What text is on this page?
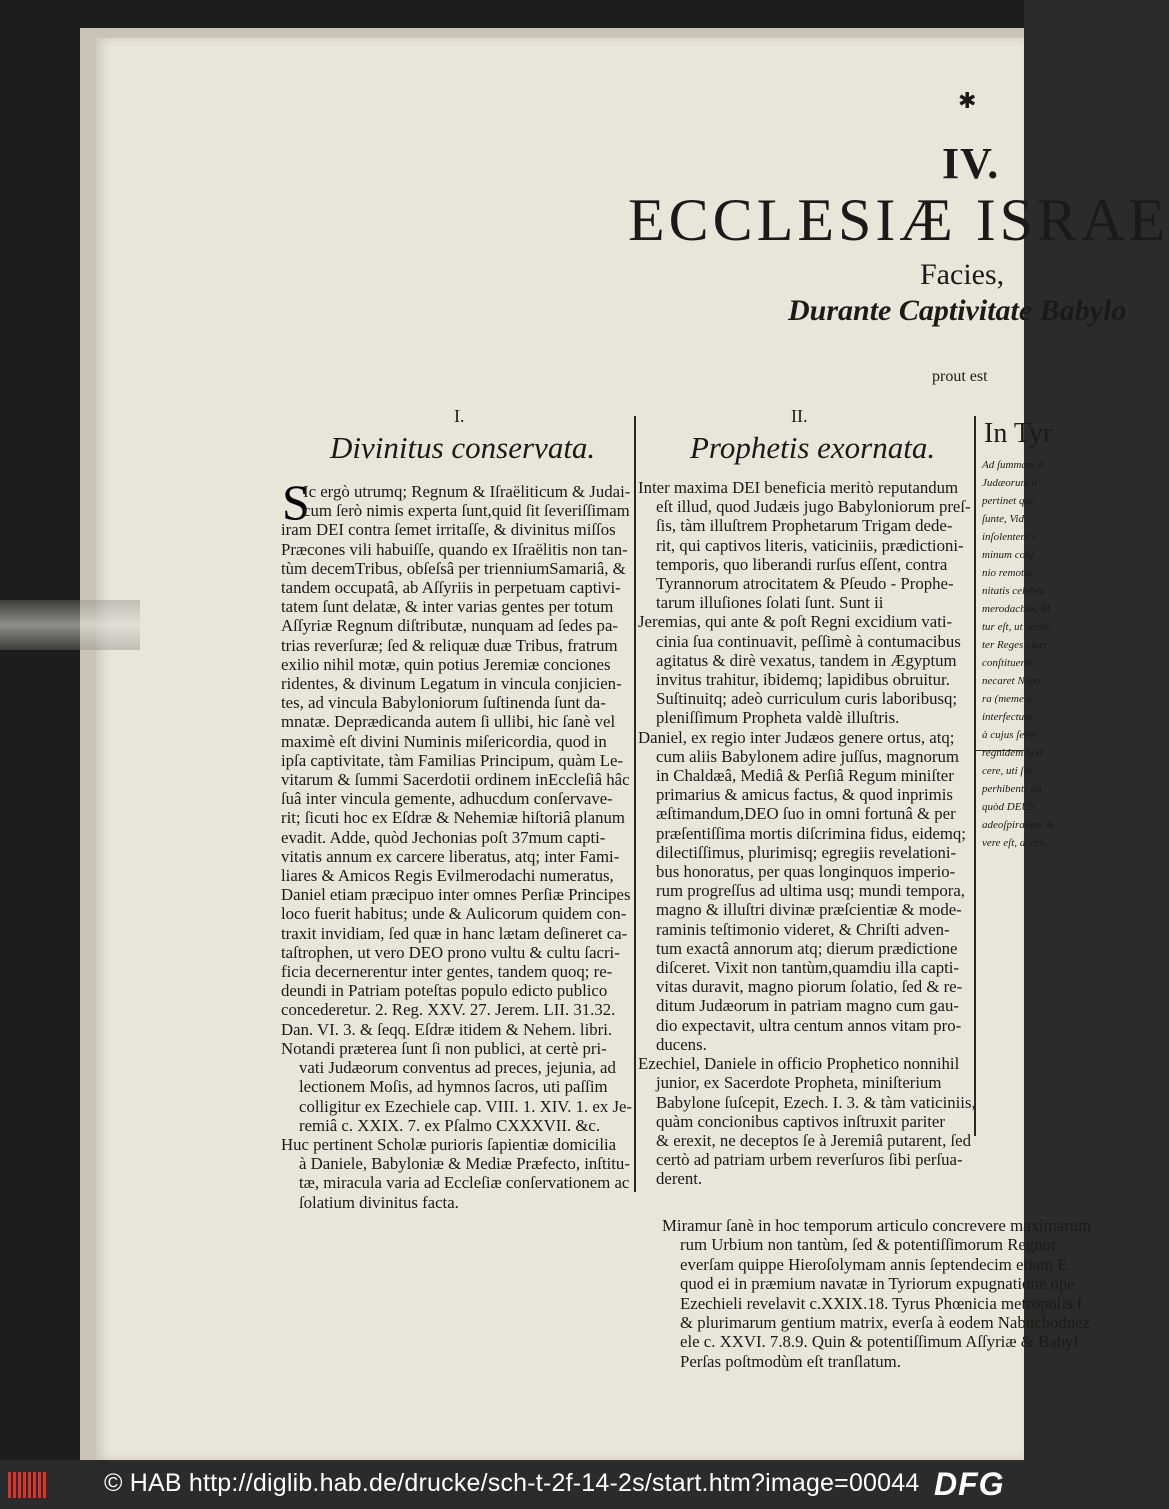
✱
IV.
ECCLESIÆ ISRAE
Facies,
Durante Captivitate Babylo
prout est
I.
Divinitus conservata.
II.
Prophetis exornata. In Tyr
S
Ic ergò utrumq; Regnum & Iſraëliticum & Judai-
cum ſerò nimis experta ſunt,quid ſit ſeveriſſimam
iram DEI contra ſemet irritaſſe, & divinitus miſſos
Præcones vili habuiſſe, quando ex Iſraëlitis non tan-
tùm decemTribus, obſeſsâ per trienniumSamariâ, &
tandem occupatâ, ab Aſſyriis in perpetuam captivi-
tatem ſunt delatæ, & inter varias gentes per totum
Aſſyriæ Regnum diſtributæ, nunquam ad ſedes pa-
trias reverſuræ; ſed & reliquæ duæ Tribus, fratrum
exilio nihil motæ, quin potius Jeremiæ conciones
ridentes, & divinum Legatum in vincula conjicien-
tes, ad vincula Babyloniorum ſuſtinenda ſunt da-
mnatæ. Deprædicanda autem ſi ullibi, hic ſanè vel
maximè eſt divini Numinis miſericordia, quod in
ipſa captivitate, tàm Familias Principum, quàm Le-
vitarum & ſummi Sacerdotii ordinem inEccleſiâ hâc
ſuâ inter vincula gemente, adhucdum conſervave-
rit; ſicuti hoc ex Eſdræ & Nehemiæ hiſtoriâ planum
evadit. Adde, quòd Jechonias poſt 37mum capti-
vitatis annum ex carcere liberatus, atq; inter Fami-
liares & Amicos Regis Evilmerodachi numeratus,
Daniel etiam præcipuo inter omnes Perſiæ Principes
loco fuerit habitus; unde & Aulicorum quidem con-
traxit invidiam, ſed quæ in hanc lætam deſineret ca-
taſtrophen, ut vero DEO prono vultu & cultu ſacri-
ficia decernerentur inter gentes, tandem quoq; re-
deundi in Patriam poteſtas populo edicto publico
concederetur. 2. Reg. XXV. 27. Jerem. LII. 31.32.
Dan. VI. 3. & ſeqq. Eſdræ itidem & Nehem. libri.
Notandi præterea ſunt ſi non publici, at certè pri-
vati Judæorum conventus ad preces, jejunia, ad
lectionem Moſis, ad hymnos ſacros, uti paſſim
colligitur ex Ezechiele cap. VIII. 1. XIV. 1. ex Je-
remiâ c. XXIX. 7. ex Pſalmo CXXXVII. &c.
Huc pertinent Scholæ purioris ſapientiæ domicilia
à Daniele, Babyloniæ & Mediæ Præfecto, inſtitu-
tæ, miracula varia ad Eccleſiæ conſervationem ac
ſolatium divinitus facta.
Inter maxima DEI beneficia meritò reputandum
eſt illud, quod Judæis jugo Babyloniorum preſ-
ſis, tàm illuſtrem Prophetarum Trigam dede-
rit, qui captivos literis, vaticiniis, prædictioni-
temporis, quo liberandi rurſus eſſent, contra
Tyrannorum atrocitatem & Pſeudo - Prophe-
tarum illuſiones ſolati ſunt. Sunt ii
Jeremias, qui ante & poſt Regni excidium vati-
cinia ſua continuavit, peſſimè à contumacibus
agitatus & dirè vexatus, tandem in Ægyptum
invitus trahitur, ibidemq; lapidibus obruitur.
Suſtinuitq; adeò curriculum curis laboribusq;
pleniſſimum Propheta valdè illuſtris.
Daniel, ex regio inter Judæos genere ortus, atq;
cum aliis Babylonem adire juſſus, magnorum
in Chaldæâ, Mediâ & Perſiâ Regum miniſter
primarius & amicus factus, & quod inprimis
æſtimandum,DEO ſuo in omni fortunâ & per
præſentiſſima mortis diſcrimina fidus, eidemq;
dilectiſſimus, plurimisq; egregiis revelationi-
bus honoratus, per quas longinquos imperio-
rum progreſſus ad ultima usq; mundi tempora,
magno & illuſtri divinæ præſcientiæ & mode-
raminis teſtimonio videret, & Chriſti adven-
tum exactâ annorum atq; dierum prædictione
diſceret. Vixit non tantùm,quamdiu illa capti-
vitas duravit, magno piorum ſolatio, ſed & re-
ditum Judæorum in patriam magno cum gau-
dio expectavit, ultra centum annos vitam pro-
ducens.
Ezechiel, Daniele in officio Prophetico nonnihil
junior, ex Sacerdote Propheta, miniſterium
Babylone ſuſcepit, Ezech. I. 3. & tàm vaticiniis,
quàm concionibus captivos inſtruxit pariter
& erexit, ne deceptos ſe à Jeremiâ putarent, ſed
certò ad patriam urbem reverſuros ſibi perſua-
derent.
Ad ſummam d
Judæorum it
pertinet quo
ſunte, Vid
inſolentem a
minum conſ
nio remotur
nitatis celebra
merodachus, M
tur eſt, ut Jecho
ter Reges cluer
conſtitueret.
necaret Nepo
ra (meme n
interfectum
à cujus ſervi
regnidem hod
cere, uti ſlu
perhibent; ita
quòd DEUS
adeoſpiravent &
vere eſt, acerb.
Miramur ſanè in hoc temporum articulo concrevere maximarum
rum Urbium non tantùm, ſed & potentiſſimorum Regnor
everſam quippe Hieroſolymam annis ſeptendecim etiam E
quod ei in præmium navatæ in Tyriorum expugnatione ope
Ezechieli revelavit c.XXIX.18. Tyrus Phœnicia metropolis f
& plurimarum gentium matrix, everſa à eodem Nabuchodnez
ele c. XXVI. 7.8.9. Quin & potentiſſimum Aſſyriæ & Babyl
Perſas poſtmodùm eſt tranſlatum.
© HAB http://diglib.hab.de/drucke/sch-t-2f-14-2s/start.htm?image=00044 DFG
